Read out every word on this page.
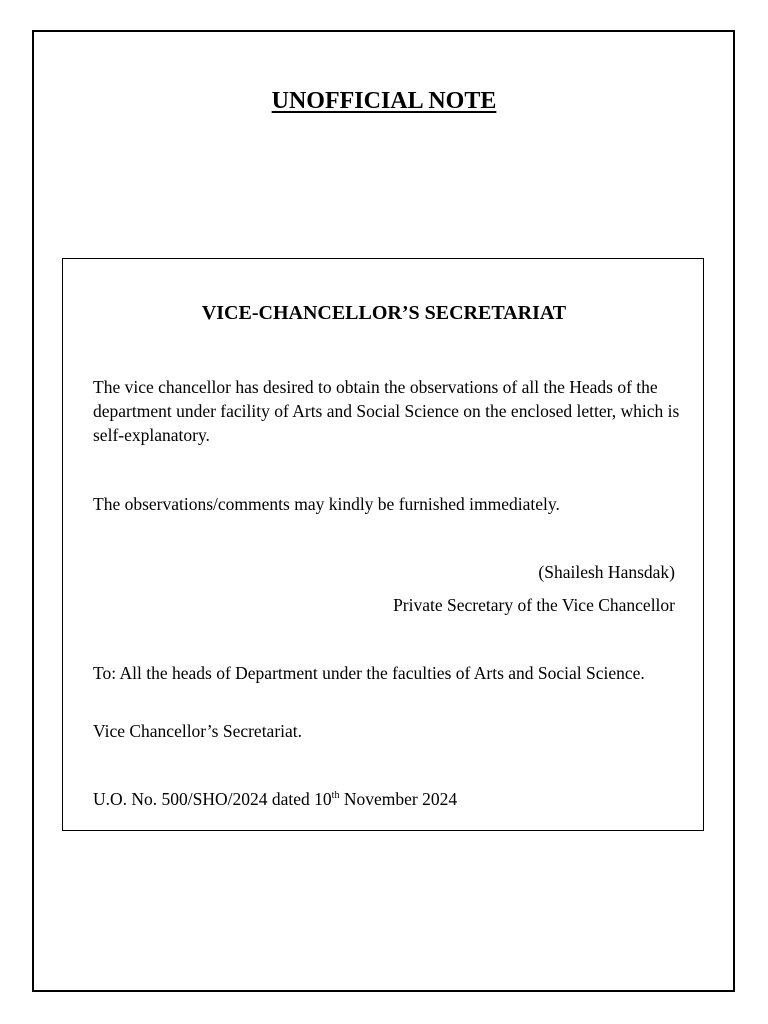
UNOFFICIAL NOTE
VICE-CHANCELLOR’S SECRETARIAT
The vice chancellor has desired to obtain the observations of all the Heads of the department under facility of Arts and Social Science on the enclosed letter, which is self-explanatory.
The observations/comments may kindly be furnished immediately.
(Shailesh Hansdak)
Private Secretary of the Vice Chancellor
To: All the heads of Department under the faculties of Arts and Social Science.
Vice Chancellor’s Secretariat.
U.O. No. 500/SHO/2024 dated 10th November 2024
